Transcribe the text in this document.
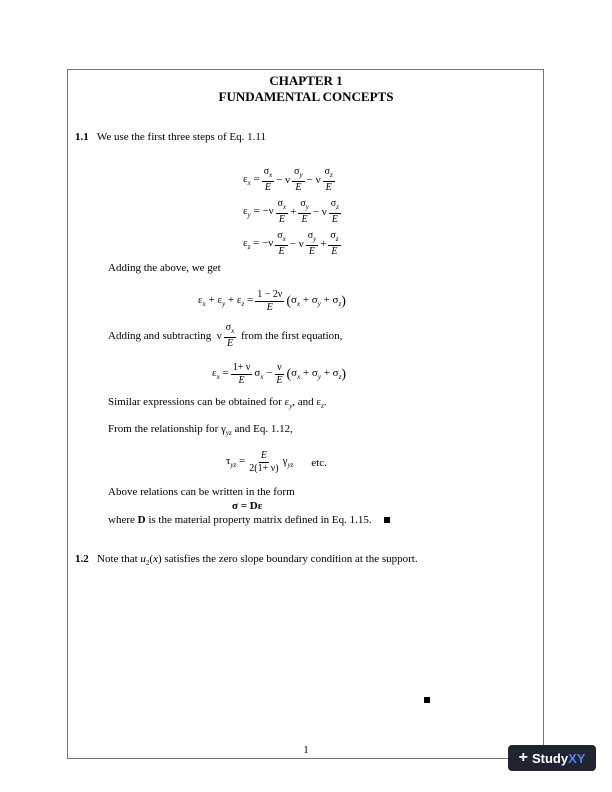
CHAPTER 1
FUNDAMENTAL CONCEPTS
1.1 We use the first three steps of Eq. 1.11
$\varepsilon_x = \frac{\sigma_x}{E} - \nu \frac{\sigma_y}{E} - \nu \frac{\sigma_z}{E}$
$\varepsilon_y = -\nu \frac{\sigma_x}{E} + \frac{\sigma_y}{E} - \nu \frac{\sigma_z}{E}$
$\varepsilon_z = -\nu \frac{\sigma_x}{E} - \nu \frac{\sigma_y}{E} + \frac{\sigma_z}{E}$
Adding the above, we get
$\varepsilon_x + \varepsilon_y + \varepsilon_z = \frac{1 - 2\nu}{E}$ ( $\sigma_x + \sigma_y + \sigma_z$ )
Adding and subtracting ν $\frac{\sigma_x}{E}$
from the first equation,
$\varepsilon_x = \frac{1+ \nu}{E} \sigma_x - \frac{\nu}{E}$ ( $\sigma_x + \sigma_y + \sigma_z$ )
Similar expressions can be obtained for $\varepsilon_y$, and $\varepsilon_z$.
From the relationship for $\gamma_{yz}$ and Eq. 1.12,
$\tau_{yz} = \frac{E}{2(1+ \nu)} \gamma_{yz}$ etc.
Above relations can be written in the form
σ = Dε
where D is the material property matrix defined in Eq. 1.15.
1.2 Note that $u_2(x)$ satisfies the zero slope boundary condition at the support.
1	+ StudyXY
